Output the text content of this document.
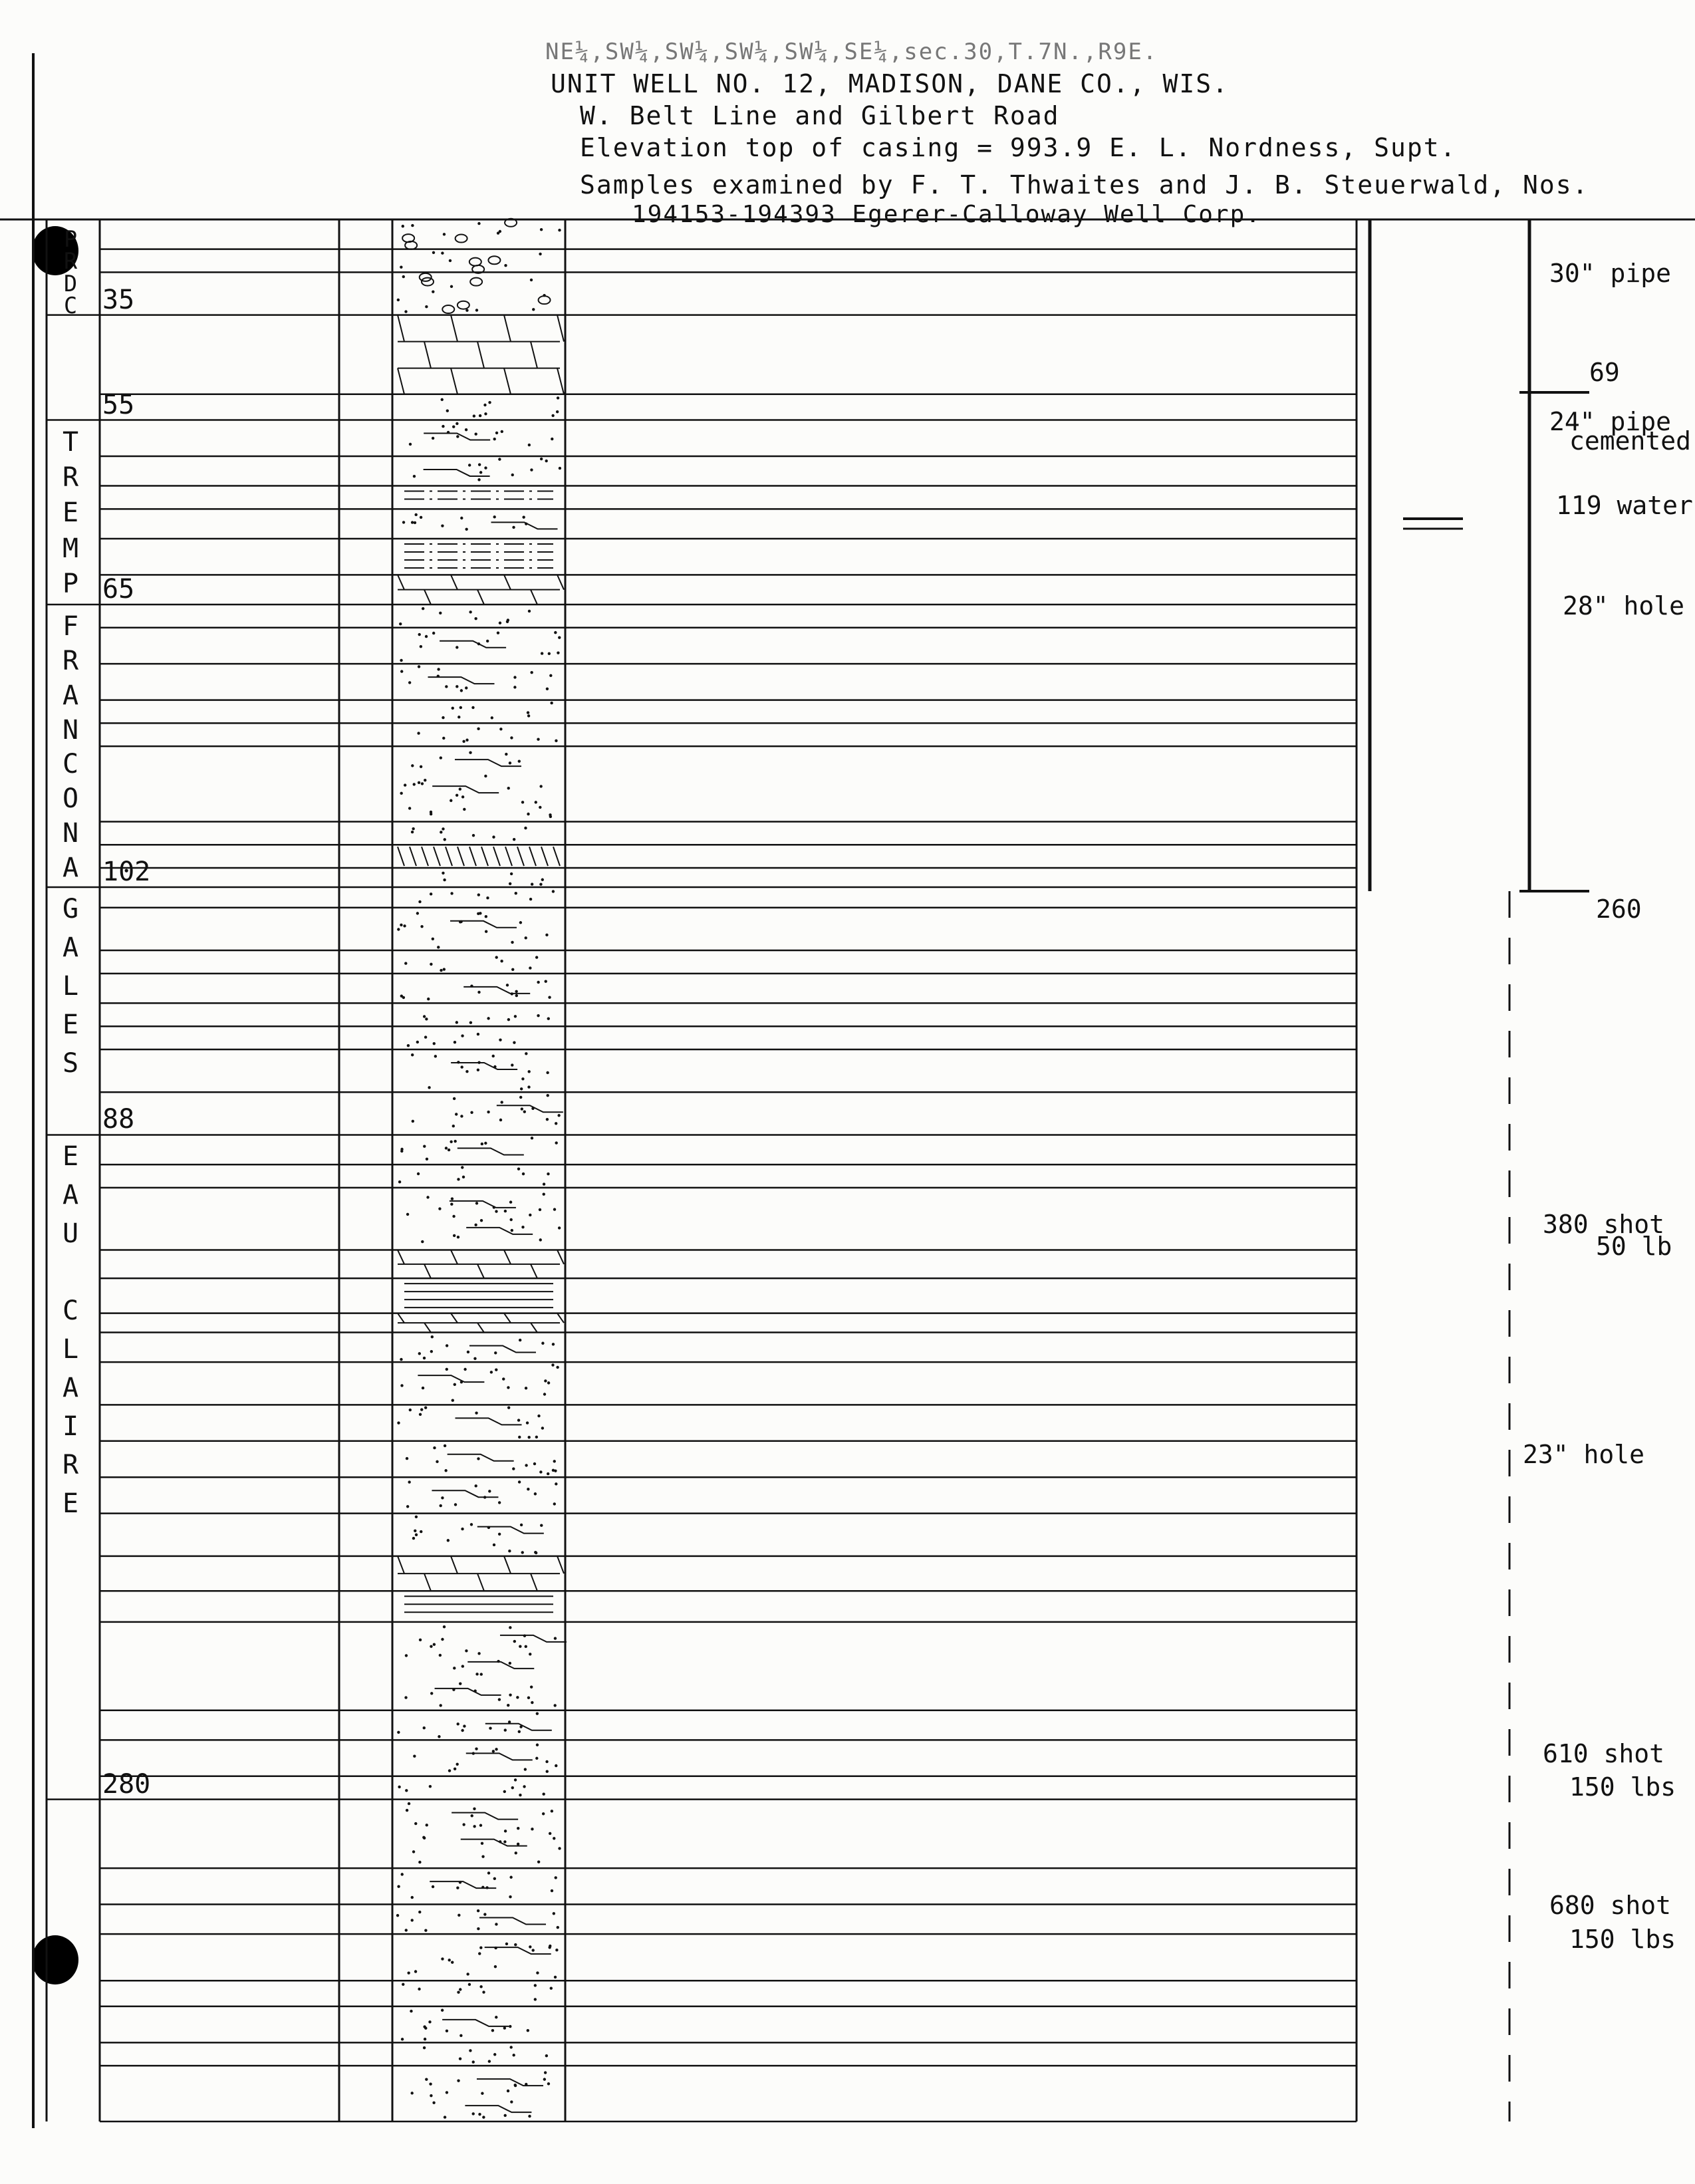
NE¼,SW¼,SW¼,SW¼,SW¼,SE¼,sec.30,T.7N.,R9E.
UNIT WELL NO. 12, MADISON, DANE CO., WIS.
W. Belt Line and Gilbert Road
Elevation top of casing = 993.9 E. L. Nordness, Supt.
Samples examined by F. T. Thwaites and J. B. Steuerwald, Nos.
194153-194393 Egerer-Calloway Well Corp.
P
R
D
C 35
55
T
R
E
M
P 65
F
R
A
N
C
O
N
A 102
G
A
L
E
S
88
E
A
U
C
L
A
I
R
E
280
30" pipe
69
24" pipe
cemented
119 water
28" hole
260
380 shot
50 lb
23" hole
610 shot
150 lbs
680 shot
150 lbs
